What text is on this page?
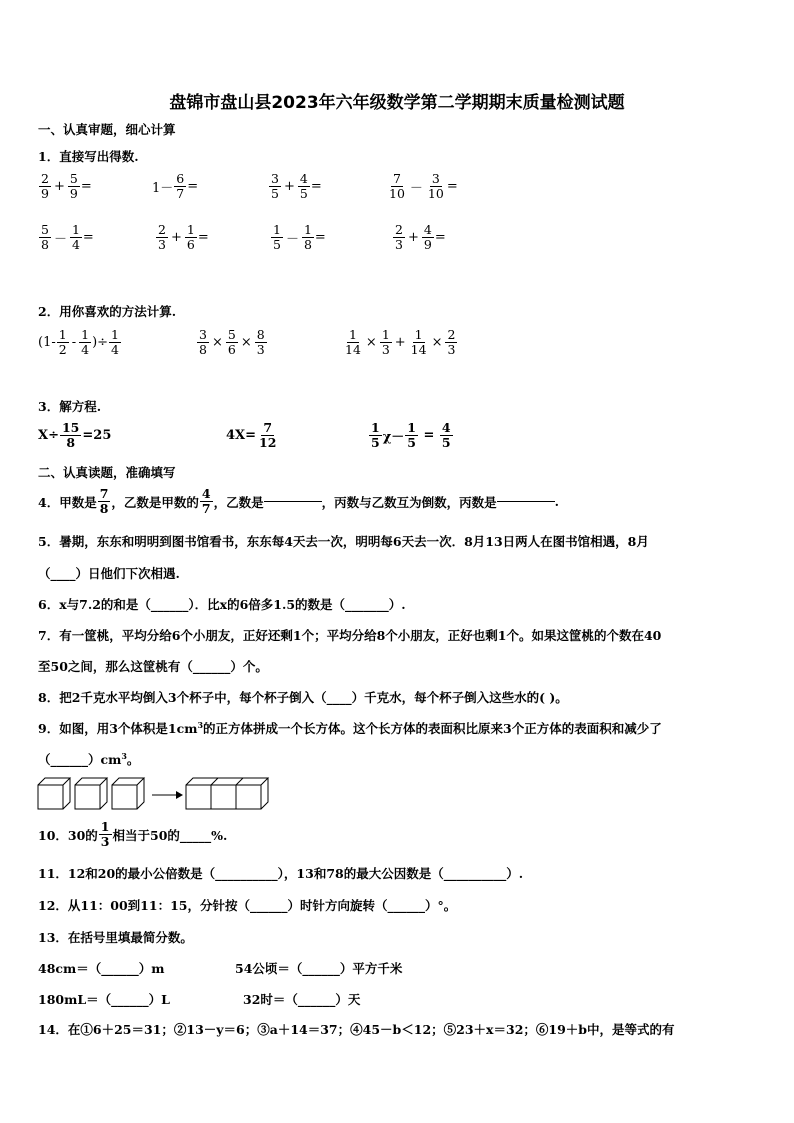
盘锦市盘山县2023年六年级数学第二学期期末质量检测试题
一、认真审题，细心计算
1．直接写出得数.
$\frac{2}{9} + \frac{5}{9}$ =	$1- \frac{6}{7}$ =	$\frac{3}{5} + \frac{4}{5}$ =	$\frac{7}{10} - \frac{3}{10}$ =
$\frac{5}{8} - \frac{1}{4}$ =	$\frac{2}{3} + \frac{1}{6}$ =	$\frac{1}{5} - \frac{1}{8}$ =	$\frac{2}{3} + \frac{4}{9}$ =
2．用你喜欢的方法计算.
($1- \frac{1}{2} - \frac{1}{4}$ )÷ $\frac{1}{4}$	$\frac{3}{8} \times \frac{5}{6} \times \frac{8}{3}$	$\frac{1}{14} \times \frac{1}{3} + \frac{1}{14} \times \frac{2}{3}$
3．解方程.
$X\div \frac{15}{8} =25$	$4X= \frac{7}{12}$	$\frac{1}{5} \chi- \frac{1}{5} = \frac{4}{5}$
二、认真读题，准确填写
4．甲数是 $\frac{7}{8}$ ，乙数是甲数的 $\frac{4}{7}$ ，乙数是	，丙数与乙数互为倒数，丙数是	.
5．暑期，东东和明明到图书馆看书，东东每4天去一次，明明每6天去一次．8月13日两人在图书馆相遇，8月
（____）日他们下次相遇.
6．x与7.2的和是（______）．比x的6倍多1.5的数是（_______）.
7．有一筐桃，平均分给6个小朋友，正好还剩1个；平均分给8个小朋友，正好也剩1个。如果这筐桃的个数在40
至50之间，那么这筐桃有（______）个。
8．把2千克水平均倒入3个杯子中，每个杯子倒入（____）千克水，每个杯子倒入这些水的( )。
9．如图，用3个体积是$1cm^3$的正方体拼成一个长方体。这个长方体的表面积比原来3个正方体的表面积和减少了
$(\_\_\_\_\_\_)cm^3$。
10．30的 $\frac{1}{3}$ 相当于50的_____%.
11．12和20的最小公倍数是（__________），13和78的最大公因数是（__________）.
12．从11：00到11：15，分针按（______）时针方向旋转（______）°。
13．在括号里填最简分数。
48cm＝（______）m	54公顷＝（______）平方千米
180mL＝（______）L	32时＝（______）天
14．在①6＋25＝31；②13－y＝6；③a＋14＝37；④45－b＜12；⑤23＋x＝32；⑥19＋b中，是等式的有
